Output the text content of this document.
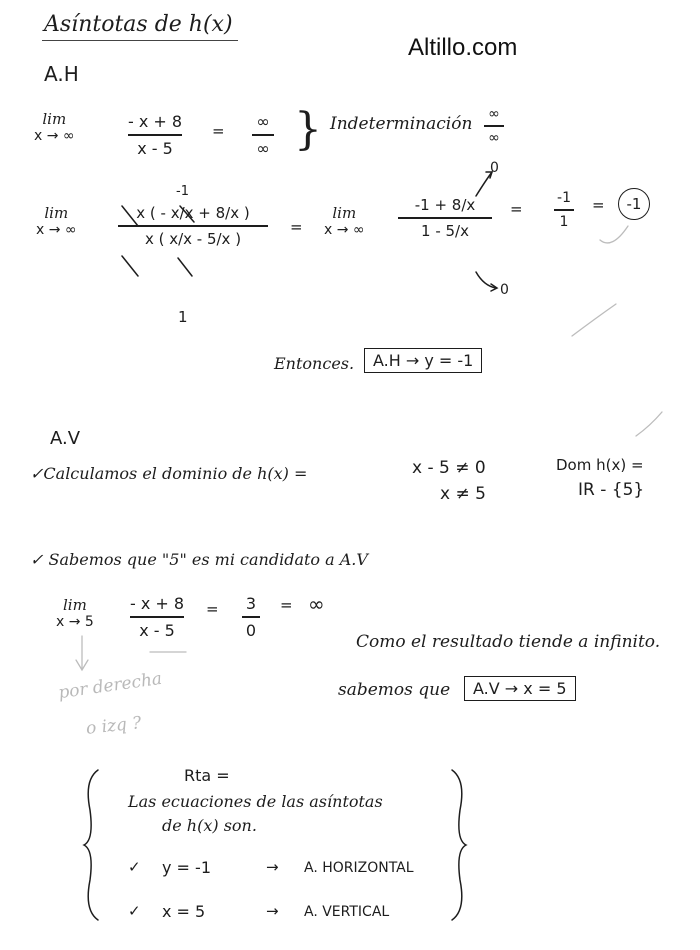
Asíntotas de h(x)
Altillo.com
A.H
lim
x → ∞
- x + 8
x - 5
= ∞
∞ } Indeterminación ∞
∞
-1
lim
x → ∞
x ( - x/x + 8/x )
x ( x/x - 5/x )
1
=
lim
x → ∞
-1 + 8/x
1 - 5/x
0
0
=
-1
1
=	-1
Entonces.	A.H → y = -1
A.V
✓Calculamos el dominio de h(x) =	x - 5 ≠ 0
x ≠ 5
Dom h(x) =
IR - {5}
✓ Sabemos que "5" es mi candidato a A.V
lim
x → 5
- x + 8
x - 5
= 3
0
= ∞
por derecha
o izq ?
Como el resultado tiende a infinito.
sabemos que	A.V → x = 5
Rta =
Las ecuaciones de las asíntotas
de h(x) son.
✓ y = -1	→ A. HORIZONTAL
✓ x = 5	→ A. VERTICAL
